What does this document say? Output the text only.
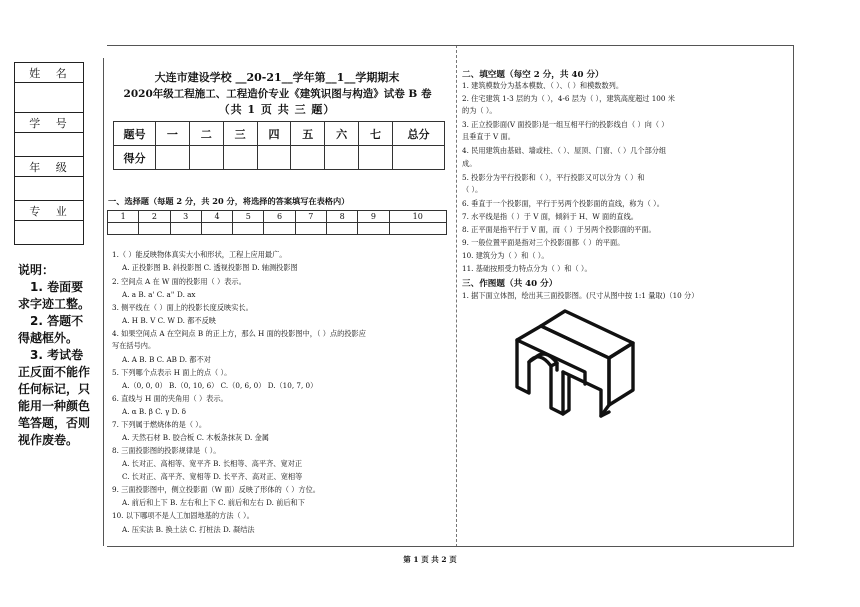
姓 名

学 号

年 级

专 业

说明：

1. 卷面要求字迹工整。

2. 答题不得越框外。

3. 考试卷正反面不能作任何标记，只能用一种颜色笔答题，否则视作废卷。

大连市建设学校 __20-21__学年第__1__学期期末
2020年级工程施工、工程造价专业《建筑识图与构造》试卷 B 卷
（共 1 页 共 三 题）
题号	一	二	三	四	五	六	七	总分
得分								
一、选择题（每题 2 分，共 20 分，将选择的答案填写在表格内）
1	2	3	4	5	6	7	8	9	10

1.（ ）能反映物体真实大小和形状，工程上应用最广。
A. 正投影图 B. 斜投影图 C. 透视投影图 D. 轴测投影图
2. 空间点 A 在 W 面的投影用（ ）表示。
A. a B. a' C. a'' D. ax
3. 侧平线在（ ）面上的投影长度反映实长。
A. H B. V C. W D. 都不反映
4. 如果空间点 A 在空间点 B 的正上方，那么 H 面的投影图中，（ ）点的投影应
写在括号内。
A. A B. B C. AB D. 都不对
5. 下列哪个点表示 H 面上的点（ ）。
A.（0, 0, 0） B.（0, 10, 6） C.（0, 6, 0） D.（10, 7, 0）
6. 直线与 H 面的夹角用（ ）表示。
A. α B. β C. γ D. δ
7. 下列属于燃烧体的是（ ）。
A. 天然石材 B. 胶合板 C. 木板条抹灰 D. 金属
8. 三面投影图的投影规律是（ ）。
A. 长对正、高相等、宽平齐 B. 长相等、高平齐、宽对正
C. 长对正、高平齐、宽相等 D. 长平齐、高对正、宽相等
9. 三面投影图中，侧立投影面（W 面）反映了形体的（ ）方位。
A. 前后和上下 B. 左右和上下 C. 前后和左右 D. 前后和下
10. 以下哪项不是人工加固地基的方法（ ）。
A. 压实法 B. 换土法 C. 打桩法 D. 凝结法
二、填空题（每空 2 分，共 40 分）
1. 建筑模数分为基本模数、（ ）、（ ）和模数数列。
2. 住宅建筑 1-3 层的为（ ），4-6 层为（ ），建筑高度超过 100 米
的为（ ）。
3. 正立投影面(V 面投影)是一组互相平行的投影线自（ ）向（ ）
且垂直于 V 面。
4. 民用建筑由基础、墙或柱、（ ）、屋顶、门窗、（ ）几个部分组
成。
5. 投影分为平行投影和（ ），平行投影又可以分为（ ）和
（ ）。
6. 垂直于一个投影面，平行于另两个投影面的直线，称为（ ）。
7. 水平线是指（ ）于 V 面，倾斜于 H、W 面的直线。
8. 正平面是指平行于 V 面，而（ ）于另两个投影面的平面。
9. 一般位置平面是指对三个投影面都（ ）的平面。
10. 建筑分为（ ）和（ ）。
11. 基础按照受力特点分为（ ）和（ ）。
三、作图题（共 40 分）
1. 据下面立体图，绘出其三面投影图。(尺寸从图中按 1:1 量取)（10 分）
第 1 页 共 2 页
